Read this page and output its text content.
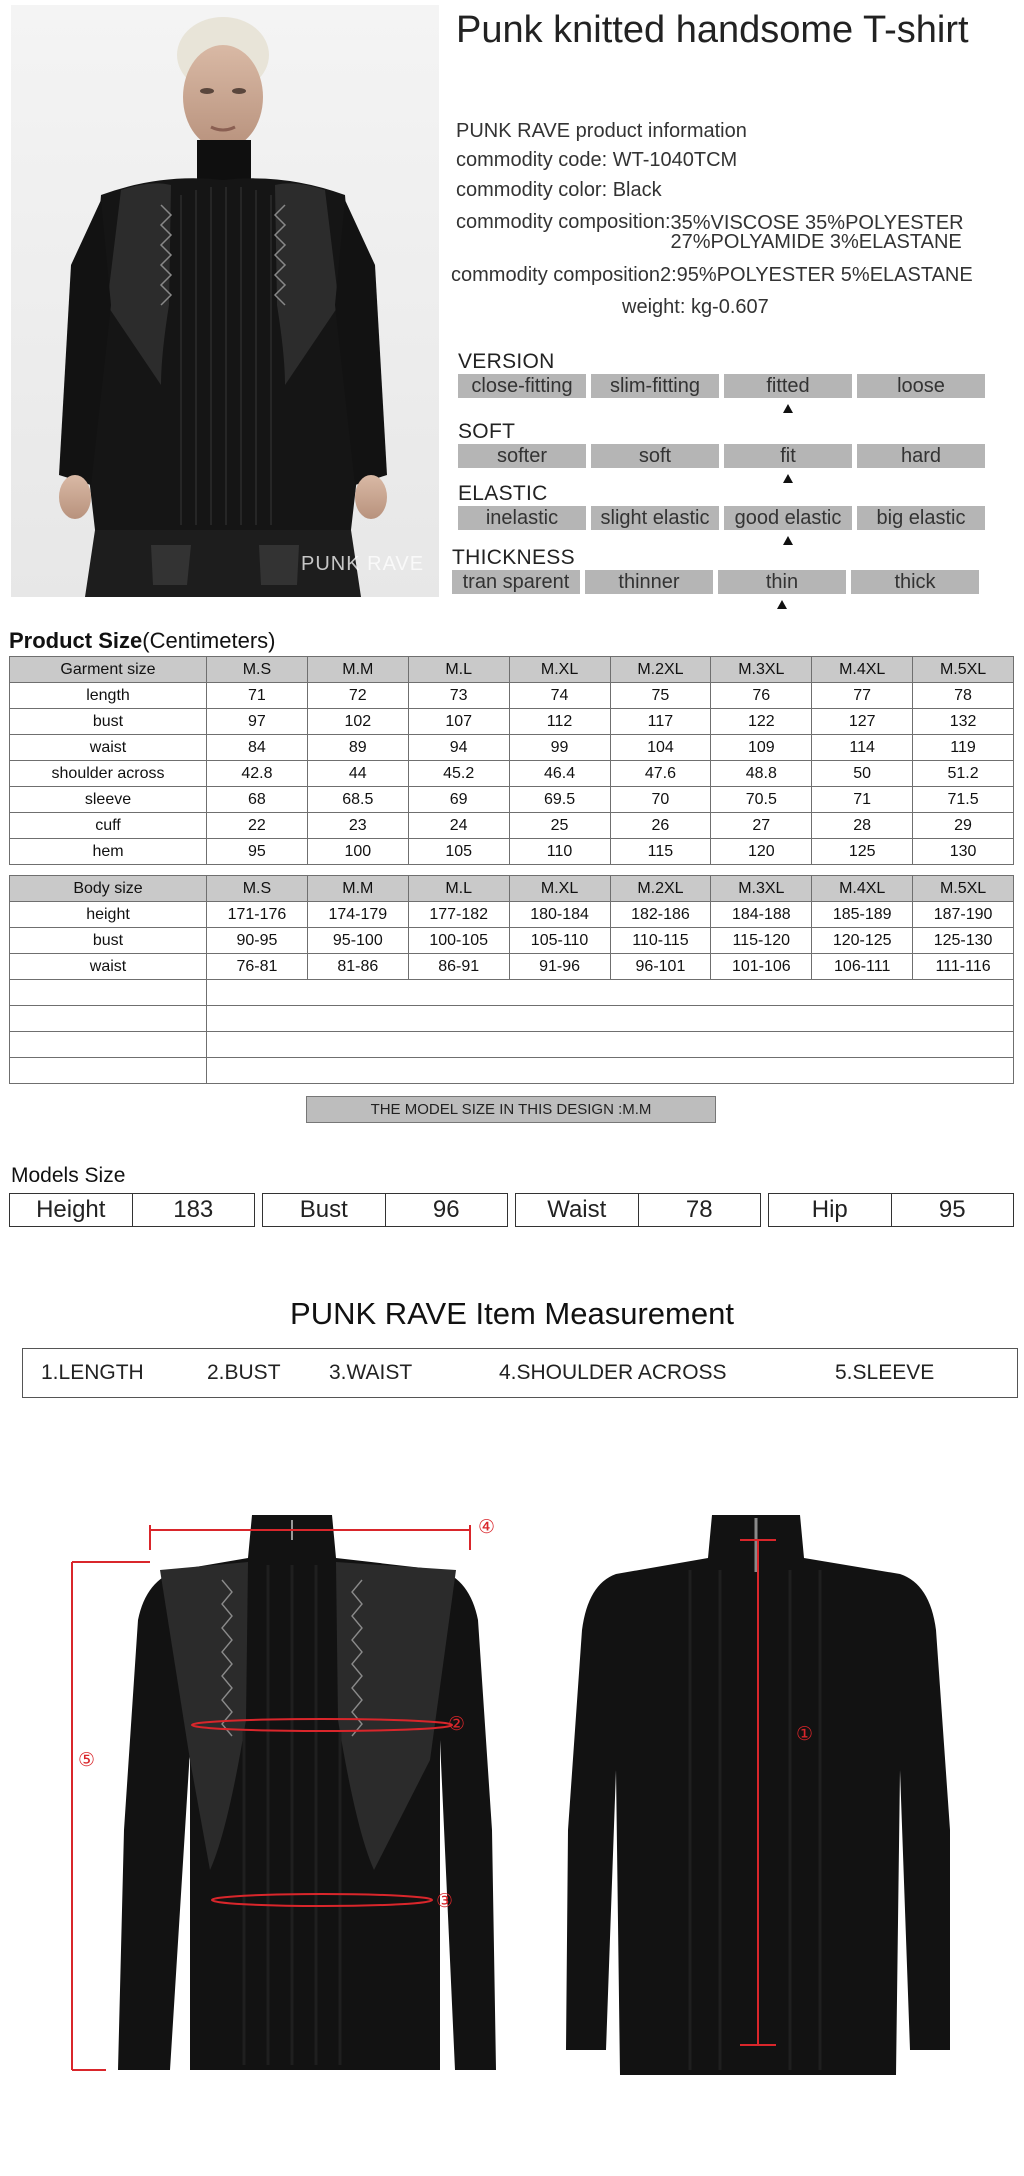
PUNK RAVE
Punk knitted handsome T-shirt
PUNK RAVE product information
commodity code: WT-1040TCM
commodity color: Black
commodity composition:35%VISCOSE 35%POLYESTER
27%POLYAMIDE 3%ELASTANE
commodity composition2:95%POLYESTER 5%ELASTANE
weight: kg-0.607
VERSION
close-fitting	slim-fitting	fitted	loose
SOFT
softer	soft	fit	hard
ELASTIC
inelastic	slight elastic	good elastic	big elastic
THICKNESS
tran sparent	thinner	thin	thick
Product Size(Centimeters)
Garment size	M.S	M.M	M.L	M.XL	M.2XL	M.3XL	M.4XL	M.5XL
length	71	72	73	74	75	76	77	78
bust	97	102	107	112	117	122	127	132
waist	84	89	94	99	104	109	114	119
shoulder across	42.8	44	45.2	46.4	47.6	48.8	50	51.2
sleeve	68	68.5	69	69.5	70	70.5	71	71.5
cuff	22	23	24	25	26	27	28	29
hem	95	100	105	110	115	120	125	130
Body size	M.S	M.M	M.L	M.XL	M.2XL	M.3XL	M.4XL	M.5XL
height	171-176	174-179	177-182	180-184	182-186	184-188	185-189	187-190
bust	90-95	95-100	100-105	105-110	110-115	115-120	120-125	125-130
waist	76-81	81-86	86-91	91-96	96-101	101-106	106-111	111-116

THE MODEL SIZE IN THIS DESIGN :M.M
Models Size
Height	183	Bust	96	Waist	78	Hip	95
PUNK RAVE Item Measurement
1.LENGTH	2.BUST 3.WAIST	4.SHOULDER ACROSS	5.SLEEVE
④
②
③
⑤
①
